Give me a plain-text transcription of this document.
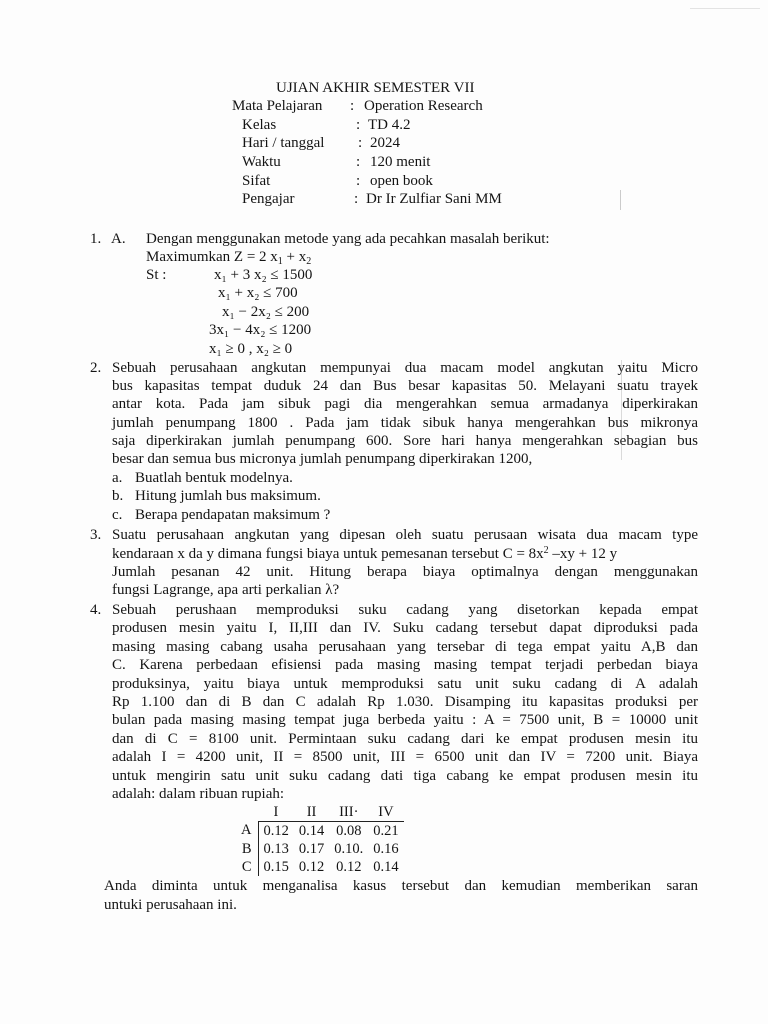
UJIAN AKHIR SEMESTER VII
Mata Pelajaran : Operation Research
Kelas	: TD 4.2
Hari / tanggal : 2024
Waktu	: 120 menit
Sifat	: open book
Pengajar	: Dr Ir Zulfiar Sani MM
1. A. Dengan menggunakan metode yang ada pecahkan masalah berikut:
Maximumkan Z = 2 $x_1 + x_2$
St :	x₁ + 3 x₂ ≤ 1500
x₁ + x₂ ≤ 700
x₁ − 2x₂ ≤ 200
3x₁ − 4x₂ ≤ 1200
x₁ ≥ 0 , x₂ ≥ 0
2. Sebuah perusahaan angkutan mempunyai dua macam model angkutan yaitu Micro
bus kapasitas tempat duduk 24 dan Bus besar kapasitas 50. Melayani suatu trayek
antar kota. Pada jam sibuk pagi dia mengerahkan semua armadanya diperkirakan
jumlah penumpang 1800 . Pada jam tidak sibuk hanya mengerahkan bus mikronya
saja diperkirakan jumlah penumpang 600. Sore hari hanya mengerahkan sebagian bus
besar dan semua bus micronya jumlah penumpang diperkirakan 1200,
a. Buatlah bentuk modelnya.
b. Hitung jumlah bus maksimum.
c. Berapa pendapatan maksimum ?
3. Suatu perusahaan angkutan yang dipesan oleh suatu perusaan wisata dua macam type
kendaraan x da y dimana fungsi biaya untuk pemesanan tersebut $C = 8x^2$ –xy + 12 y
Jumlah pesanan 42 unit. Hitung berapa biaya optimalnya dengan menggunakan
fungsi Lagrange, apa arti perkalian λ?
4. Sebuah perushaan memproduksi suku cadang yang disetorkan kepada empat
produsen mesin yaitu I, II,III dan IV. Suku cadang tersebut dapat diproduksi pada
masing masing cabang usaha perusahaan yang tersebar di tega empat yaitu A,B dan
C. Karena perbedaan efisiensi pada masing masing tempat terjadi perbedan biaya
produksinya, yaitu biaya untuk memproduksi satu unit suku cadang di A adalah
Rp 1.100 dan di B dan C adalah Rp 1.030. Disamping itu kapasitas produksi per
bulan pada masing masing tempat juga berbeda yaitu : A = 7500 unit, B = 10000 unit
dan di C = 8100 unit. Permintaan suku cadang dari ke empat produsen mesin itu
adalah I = 4200 unit, II = 8500 unit, III = 6500 unit dan IV = 7200 unit. Biaya
untuk mengirin satu unit suku cadang dati tiga cabang ke empat produsen mesin itu
adalah: dalam ribuan rupiah:
	I	II	III·	IV
A	0.12	0.14	0.08	0.21
B	0.13	0.17	0.10.	0.16
C	0.15	0.12	0.12	0.14
Anda diminta untuk menganalisa kasus tersebut dan kemudian memberikan saran
untuki perusahaan ini.
